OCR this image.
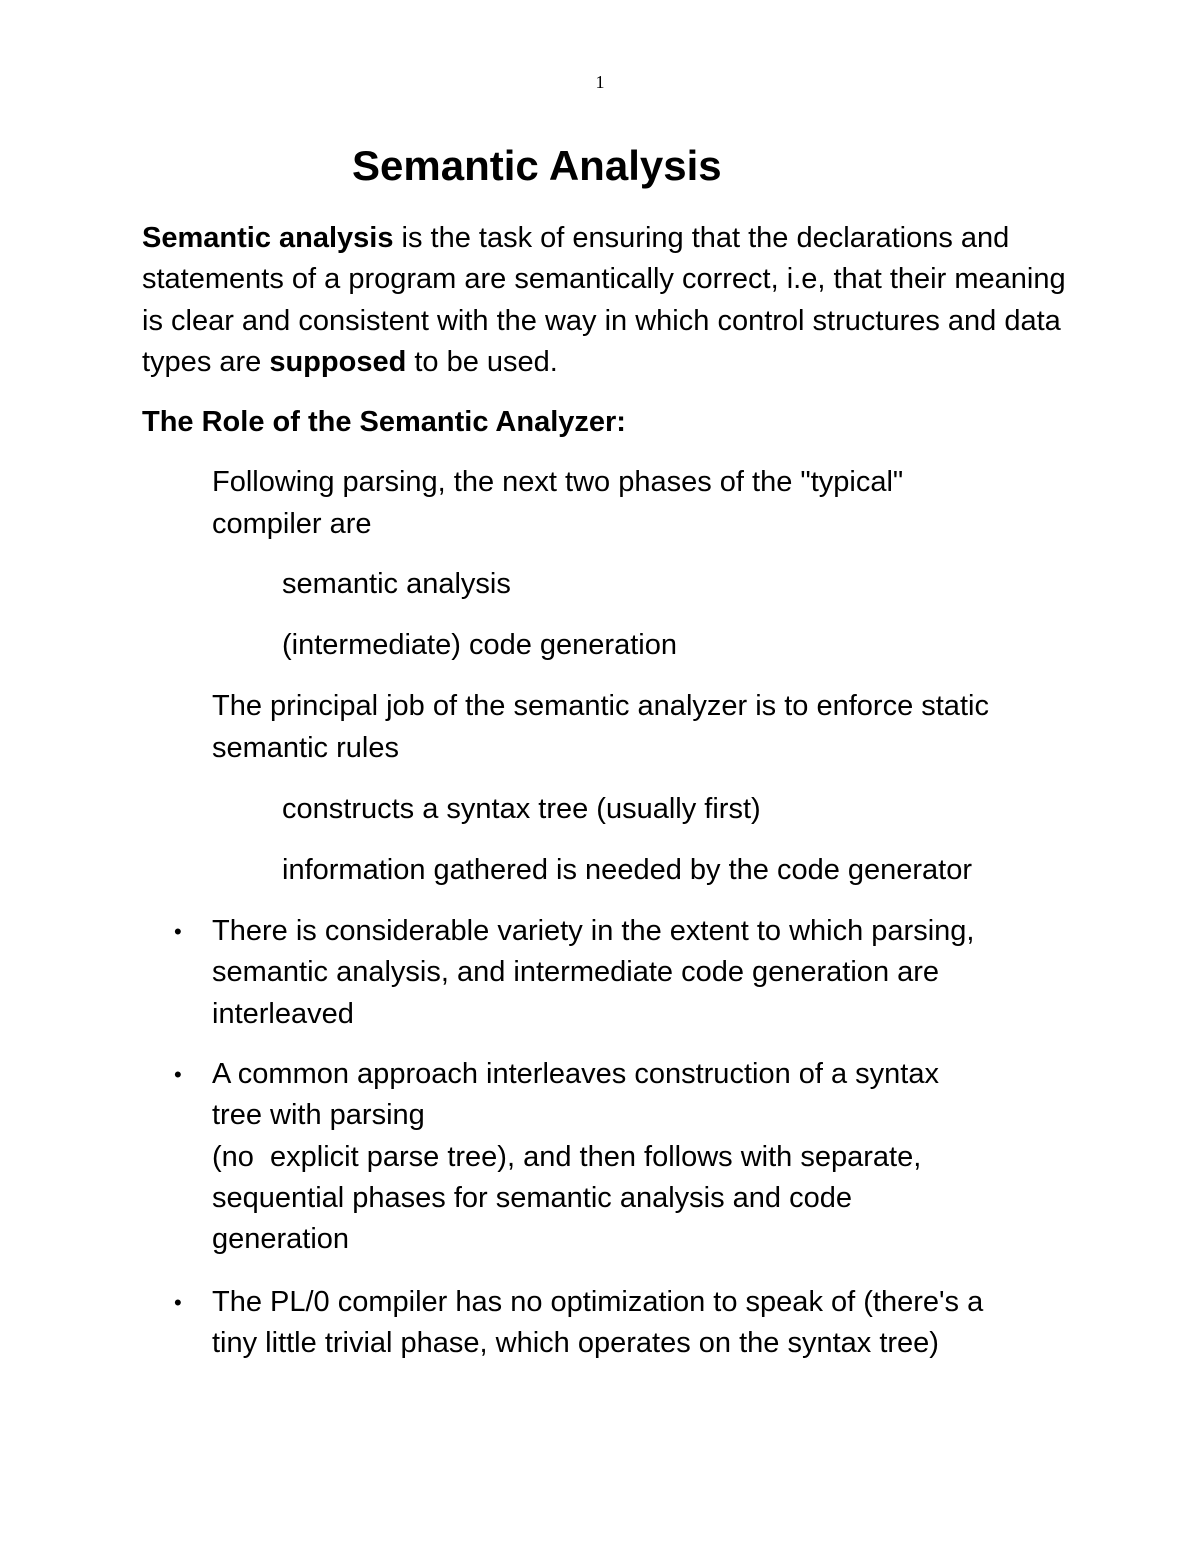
1
Semantic Analysis

Semantic analysis is the task of ensuring that the declarations and statements of a program are semantically correct, i.e, that their meaning is clear and consistent with the way in which control structures and data types are supposed to be used.

The Role of the Semantic Analyzer:
Following parsing, the next two phases of the "typical"
compiler are
semantic analysis
(intermediate) code generation
The principal job of the semantic analyzer is to enforce static
semantic rules
constructs a syntax tree (usually first)
information gathered is needed by the code generator
• There is considerable variety in the extent to which parsing,
semantic analysis, and intermediate code generation are
interleaved
• A common approach interleaves construction of a syntax
tree with parsing
(no  explicit parse tree), and then follows with separate,
sequential phases for semantic analysis and code
generation
• The PL/0 compiler has no optimization to speak of (there's a
tiny little trivial phase, which operates on the syntax tree)
